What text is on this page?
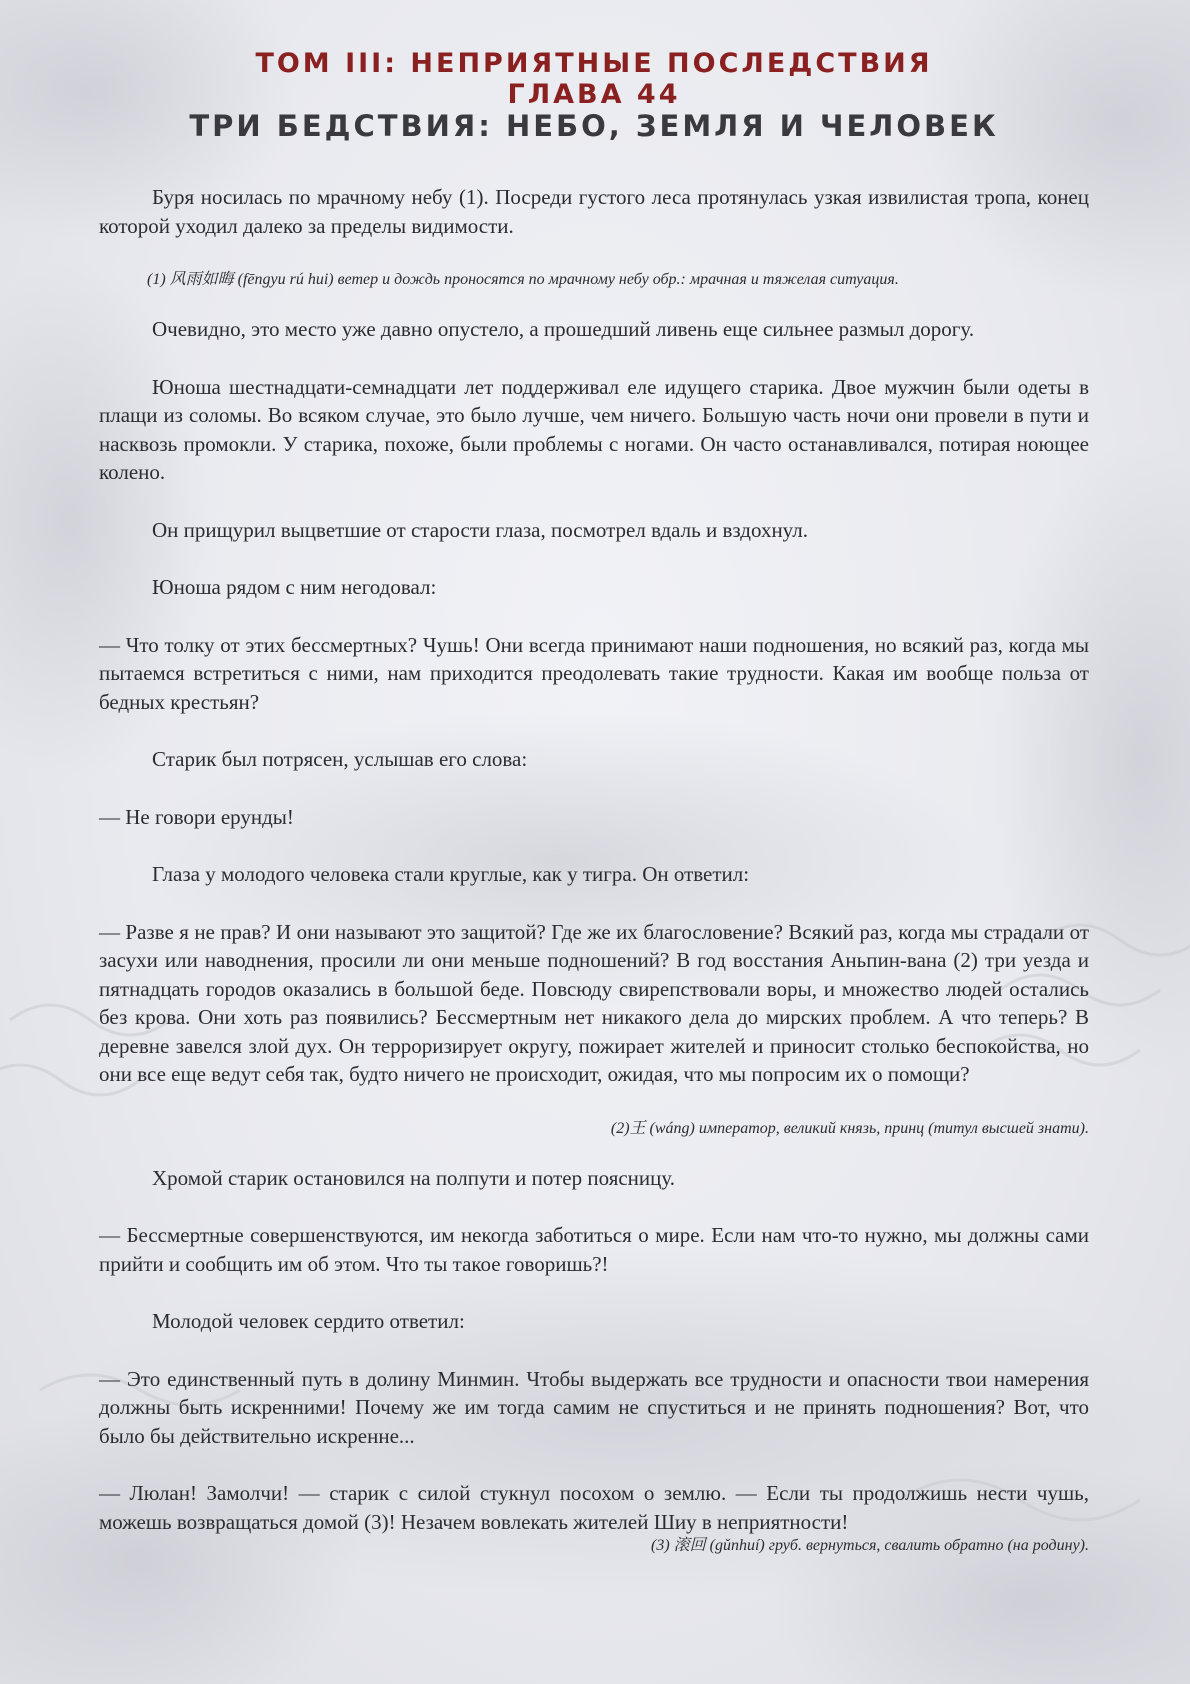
ТОМ III: НЕПРИЯТНЫЕ ПОСЛЕДСТВИЯ
ГЛАВА 44
ТРИ БЕДСТВИЯ: НЕБО, ЗЕМЛЯ И ЧЕЛОВЕК

Буря носилась по мрачному небу (1). Посреди густого леса протянулась узкая извилистая тропа, конец которой уходил далеко за пределы видимости.

(1) 风雨如晦 (fēngyu rú hui) ветер и дождь проносятся по мрачному небу обр.: мрачная и тяжелая ситуация.

Очевидно, это место уже давно опустело, а прошедший ливень еще сильнее размыл дорогу.

Юноша шестнадцати-семнадцати лет поддерживал еле идущего старика. Двое мужчин были одеты в плащи из соломы. Во всяком случае, это было лучше, чем ничего. Большую часть ночи они провели в пути и насквозь промокли. У старика, похоже, были проблемы с ногами. Он часто останавливался, потирая ноющее колено.

Он прищурил выцветшие от старости глаза, посмотрел вдаль и вздохнул.

Юноша рядом с ним негодовал:

— Что толку от этих бессмертных? Чушь! Они всегда принимают наши подношения, но всякий раз, когда мы пытаемся встретиться с ними, нам приходится преодолевать такие трудности. Какая им вообще польза от бедных крестьян?

Старик был потрясен, услышав его слова:

— Не говори ерунды!

Глаза у молодого человека стали круглые, как у тигра. Он ответил:

— Разве я не прав? И они называют это защитой? Где же их благословение? Всякий раз, когда мы страдали от засухи или наводнения, просили ли они меньше подношений? В год восстания Аньпин-вана (2) три уезда и пятнадцать городов оказались в большой беде. Повсюду свирепствовали воры, и множество людей остались без крова. Они хоть раз появились? Бессмертным нет никакого дела до мирских проблем. А что теперь? В деревне завелся злой дух. Он терроризирует округу, пожирает жителей и приносит столько беспокойства, но они все еще ведут себя так, будто ничего не происходит, ожидая, что мы попросим их о помощи?

(2)王 (wáng) император, великий князь, принц (титул высшей знати).

Хромой старик остановился на полпути и потер поясницу.

— Бессмертные совершенствуются, им некогда заботиться о мире. Если нам что-то нужно, мы должны сами прийти и сообщить им об этом. Что ты такое говоришь?!

Молодой человек сердито ответил:

— Это единственный путь в долину Минмин. Чтобы выдержать все трудности и опасности твои намерения должны быть искренними! Почему же им тогда самим не спуститься и не принять подношения? Вот, что было бы действительно искренне...

— Люлан! Замолчи! — старик с силой стукнул посохом о землю. — Если ты продолжишь нести чушь, можешь возвращаться домой (3)! Незачем вовлекать жителей Шиу в неприятности!

(3) 滚回 (gǔnhuí) груб. вернуться, свалить обратно (на родину).
